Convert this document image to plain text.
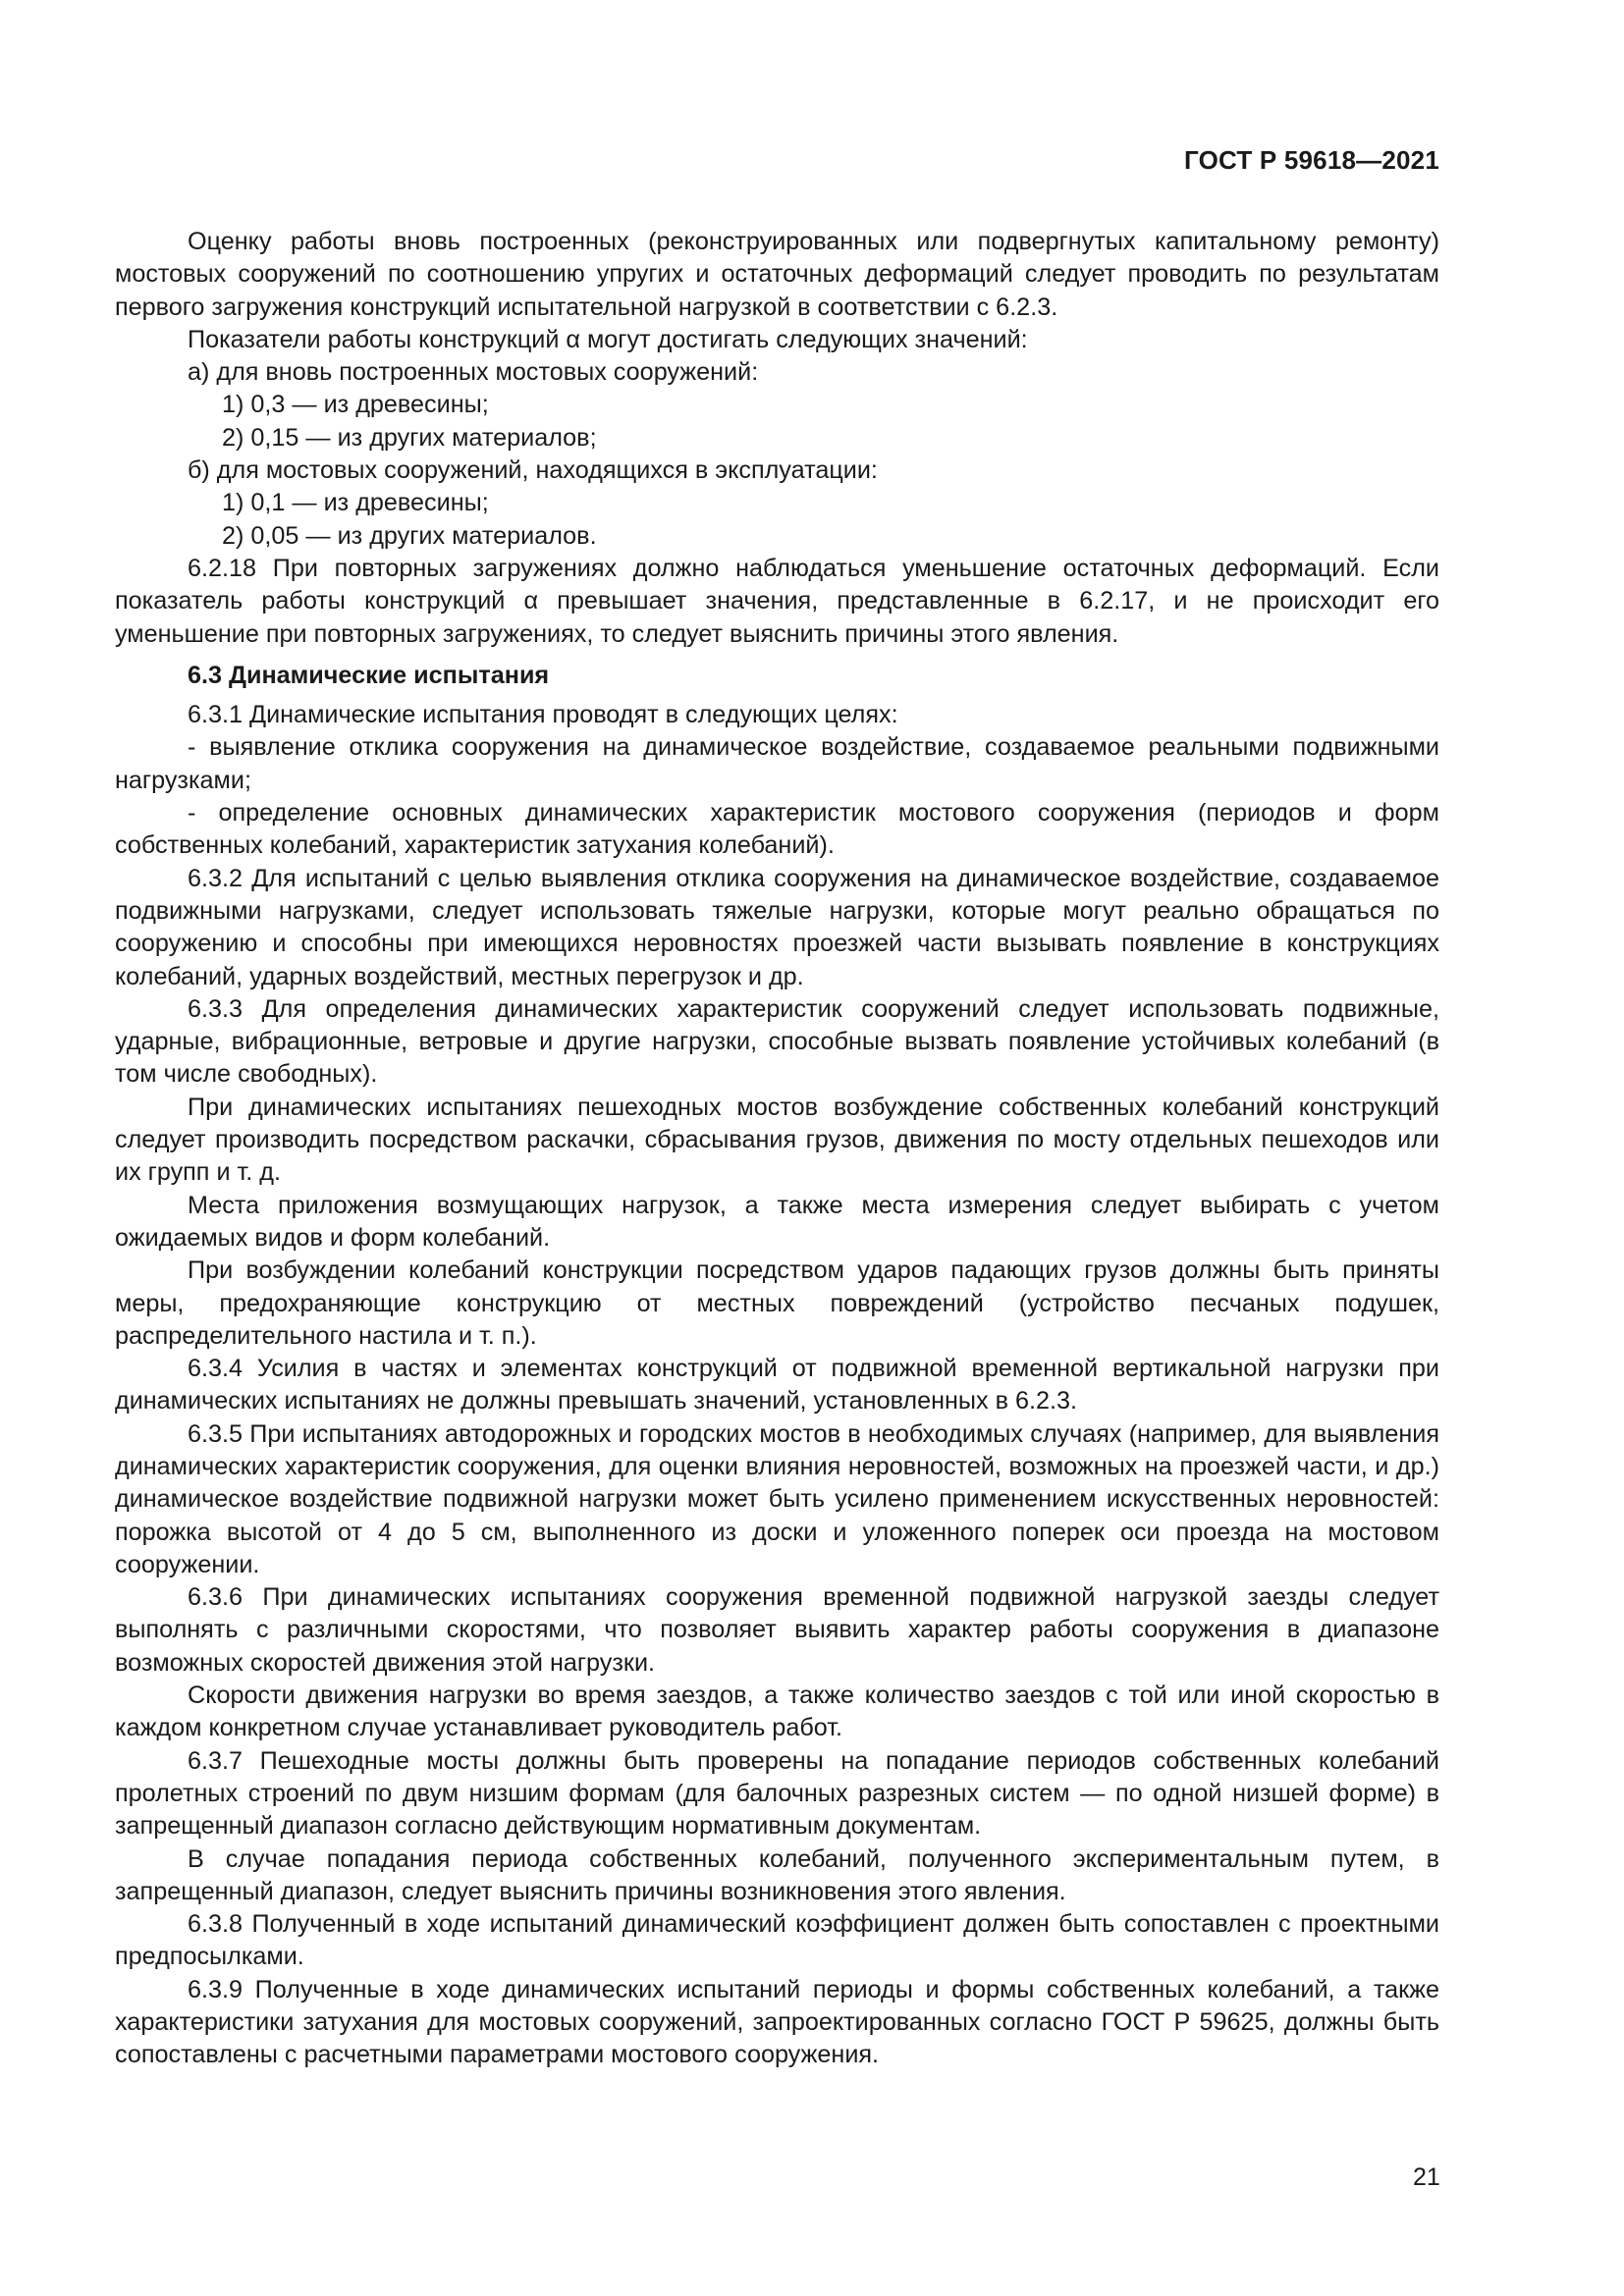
ГОСТ Р 59618—2021

Оценку работы вновь построенных (реконструированных или подвергнутых капитальному ремонту) мостовых сооружений по соотношению упругих и остаточных деформаций следует проводить по результатам первого загружения конструкций испытательной нагрузкой в соответствии с 6.2.3.

Показатели работы конструкций α могут достигать следующих значений:

а) для вновь построенных мостовых сооружений:

1) 0,3 — из древесины;

2) 0,15 — из других материалов;

б) для мостовых сооружений, находящихся в эксплуатации:

1) 0,1 — из древесины;

2) 0,05 — из других материалов.

6.2.18 При повторных загружениях должно наблюдаться уменьшение остаточных деформаций. Если показатель работы конструкций α превышает значения, представленные в 6.2.17, и не происходит его уменьшение при повторных загружениях, то следует выяснить причины этого явления.

6.3 Динамические испытания

6.3.1 Динамические испытания проводят в следующих целях:

- выявление отклика сооружения на динамическое воздействие, создаваемое реальными подвижными нагрузками;

- определение основных динамических характеристик мостового сооружения (периодов и форм собственных колебаний, характеристик затухания колебаний).

6.3.2 Для испытаний с целью выявления отклика сооружения на динамическое воздействие, создаваемое подвижными нагрузками, следует использовать тяжелые нагрузки, которые могут реально обращаться по сооружению и способны при имеющихся неровностях проезжей части вызывать появление в конструкциях колебаний, ударных воздействий, местных перегрузок и др.

6.3.3 Для определения динамических характеристик сооружений следует использовать подвижные, ударные, вибрационные, ветровые и другие нагрузки, способные вызвать появление устойчивых колебаний (в том числе свободных).

При динамических испытаниях пешеходных мостов возбуждение собственных колебаний конструкций следует производить посредством раскачки, сбрасывания грузов, движения по мосту отдельных пешеходов или их групп и т. д.

Места приложения возмущающих нагрузок, а также места измерения следует выбирать с учетом ожидаемых видов и форм колебаний.

При возбуждении колебаний конструкции посредством ударов падающих грузов должны быть приняты меры, предохраняющие конструкцию от местных повреждений (устройство песчаных подушек, распределительного настила и т. п.).

6.3.4 Усилия в частях и элементах конструкций от подвижной временной вертикальной нагрузки при динамических испытаниях не должны превышать значений, установленных в 6.2.3.

6.3.5 При испытаниях автодорожных и городских мостов в необходимых случаях (например, для выявления динамических характеристик сооружения, для оценки влияния неровностей, возможных на проезжей части, и др.) динамическое воздействие подвижной нагрузки может быть усилено применением искусственных неровностей: порожка высотой от 4 до 5 см, выполненного из доски и уложенного поперек оси проезда на мостовом сооружении.

6.3.6 При динамических испытаниях сооружения временной подвижной нагрузкой заезды следует выполнять с различными скоростями, что позволяет выявить характер работы сооружения в диапазоне возможных скоростей движения этой нагрузки.

Скорости движения нагрузки во время заездов, а также количество заездов с той или иной скоростью в каждом конкретном случае устанавливает руководитель работ.

6.3.7 Пешеходные мосты должны быть проверены на попадание периодов собственных колебаний пролетных строений по двум низшим формам (для балочных разрезных систем — по одной низшей форме) в запрещенный диапазон согласно действующим нормативным документам.

В случае попадания периода собственных колебаний, полученного экспериментальным путем, в запрещенный диапазон, следует выяснить причины возникновения этого явления.

6.3.8 Полученный в ходе испытаний динамический коэффициент должен быть сопоставлен с проектными предпосылками.

6.3.9 Полученные в ходе динамических испытаний периоды и формы собственных колебаний, а также характеристики затухания для мостовых сооружений, запроектированных согласно ГОСТ Р 59625, должны быть сопоставлены с расчетными параметрами мостового сооружения.

21
